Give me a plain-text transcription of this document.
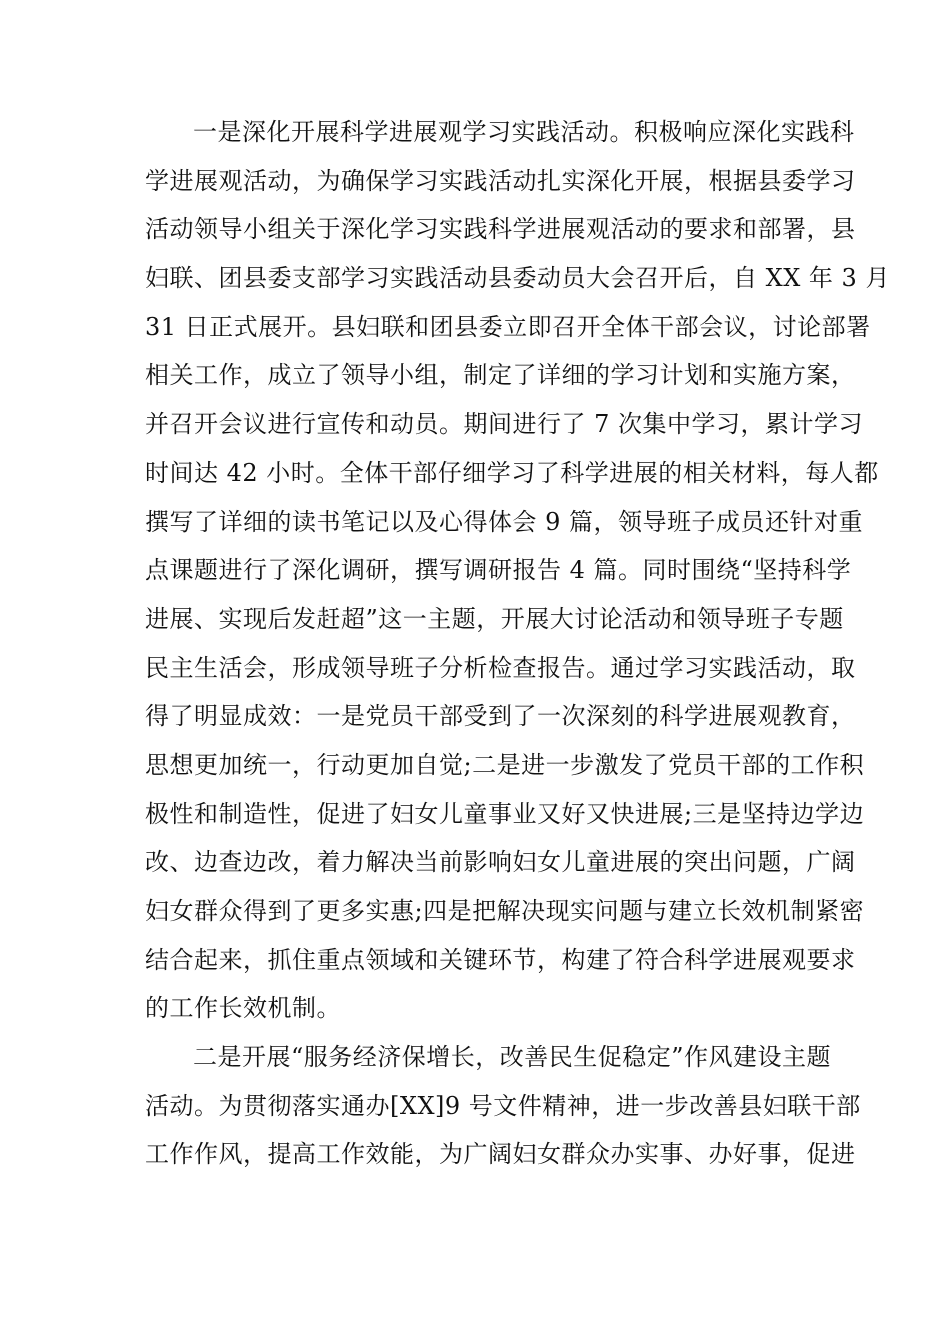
一是深化开展科学进展观学习实践活动。积极响应深化实践科
学进展观活动，为确保学习实践活动扎实深化开展，根据县委学习
活动领导小组关于深化学习实践科学进展观活动的要求和部署，县
妇联、团县委支部学习实践活动县委动员大会召开后，自 XX 年 3 月
31 日正式展开。县妇联和团县委立即召开全体干部会议，讨论部署
相关工作，成立了领导小组，制定了详细的学习计划和实施方案，
并召开会议进行宣传和动员。期间进行了 7 次集中学习，累计学习
时间达 42 小时。全体干部仔细学习了科学进展的相关材料，每人都
撰写了详细的读书笔记以及心得体会 9 篇，领导班子成员还针对重
点课题进行了深化调研，撰写调研报告 4 篇。同时围绕“坚持科学
进展、实现后发赶超”这一主题，开展大讨论活动和领导班子专题
民主生活会，形成领导班子分析检查报告。通过学习实践活动，取
得了明显成效：一是党员干部受到了一次深刻的科学进展观教育，
思想更加统一，行动更加自觉;二是进一步激发了党员干部的工作积
极性和制造性，促进了妇女儿童事业又好又快进展;三是坚持边学边
改、边查边改，着力解决当前影响妇女儿童进展的突出问题，广阔
妇女群众得到了更多实惠;四是把解决现实问题与建立长效机制紧密
结合起来，抓住重点领域和关键环节，构建了符合科学进展观要求
的工作长效机制。
二是开展“服务经济保增长，改善民生促稳定”作风建设主题
活动。为贯彻落实通办[XX]9 号文件精神，进一步改善县妇联干部
工作作风，提高工作效能，为广阔妇女群众办实事、办好事，促进
